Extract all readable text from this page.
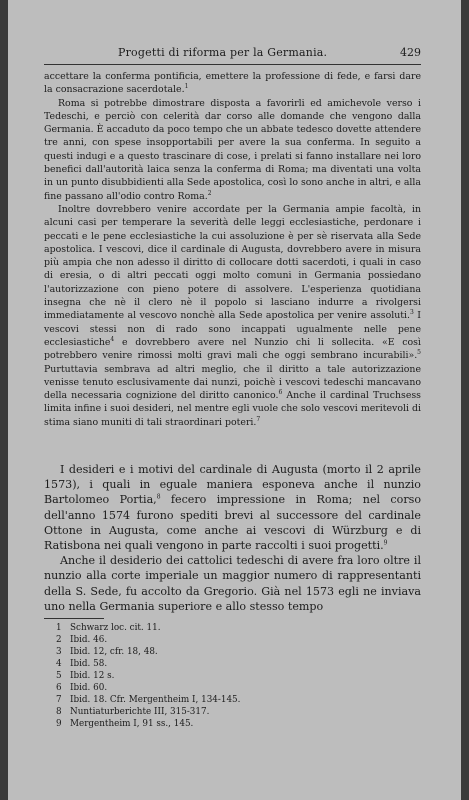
Progetti di riforma per la Germania.	429

accettare la conferma pontificia, emettere la professione di fede, e farsi dare la consacrazione sacerdotale.$^1$

Roma si potrebbe dimostrare disposta a favorirli ed amichevole verso i Tedeschi, e perciò con celerità dar corso alle domande che vengono dalla Germania. È accaduto da poco tempo che un abbate tedesco dovette attendere tre anni, con spese insopportabili per avere la sua conferma. In seguito a questi indugi e a questo trascinare di cose, i prelati si fanno installare nei loro benefici dall'autorità laica senza la conferma di Roma; ma diventati una volta in un punto disubbidienti alla Sede apostolica, così lo sono anche in altri, e alla fine passano all'odio contro Roma.$^2$

Inoltre dovrebbero venire accordate per la Germania ampie facoltà, in alcuni casi per temperare la severità delle leggi ecclesiastiche, perdonare i peccati e le pene ecclesiastiche la cui assoluzione è per sè riservata alla Sede apostolica. I vescovi, dice il cardinale di Augusta, dovrebbero avere in misura più ampia che non adesso il diritto di collocare dotti sacerdoti, i quali in caso di eresia, o di altri peccati oggi molto comuni in Germania possiedano l'autorizzazione con pieno potere di assolvere. L'esperienza quotidiana insegna che nè il clero nè il popolo si lasciano indurre a rivolgersi immediatamente al vescovo nonchè alla Sede apostolica per venire assoluti.$^3$ I vescovi stessi non di rado sono incappati ugualmente nelle pene ecclesiastiche$^4$ e dovrebbero avere nel Nunzio chi li sollecita. «E così potrebbero venire rimossi molti gravi mali che oggi sembrano incurabili».$^5$ Purtuttavia sembrava ad altri meglio, che il diritto a tale autorizzazione venisse tenuto esclusivamente dai nunzi, poichè i vescovi tedeschi mancavano della necessaria cognizione del diritto canonico.$^6$ Anche il cardinal Truchsess limita infine i suoi desideri, nel mentre egli vuole che solo vescovi meritevoli di stima siano muniti di tali straordinari poteri.$^7$

I desideri e i motivi del cardinale di Augusta (morto il 2 aprile 1573), i quali in eguale maniera esponeva anche il nunzio Bartolomeo Portia,$^8$ fecero impressione in Roma; nel corso dell'anno 1574 furono spediti brevi al successore del cardinale Ottone in Augusta, come anche ai vescovi di Würzburg e di Ratisbona nei quali vengono in parte raccolti i suoi progetti.$^9$

Anche il desiderio dei cattolici tedeschi di avere fra loro oltre il nunzio alla corte imperiale un maggior numero di rappresentanti della S. Sede, fu accolto da Gregorio. Già nel 1573 egli ne inviava uno nella Germania superiore e allo stesso tempo

1 Schwarz loc. cit. 11.
2 Ibid. 46.
3 Ibid. 12, cfr. 18, 48.
4 Ibid. 58.
5 Ibid. 12 s.
6 Ibid. 60.
7 Ibid. 18. Cfr. Mergentheim I, 134-145.
8 Nuntiaturberichte III, 315-317.
9 Mergentheim I, 91 ss., 145.
